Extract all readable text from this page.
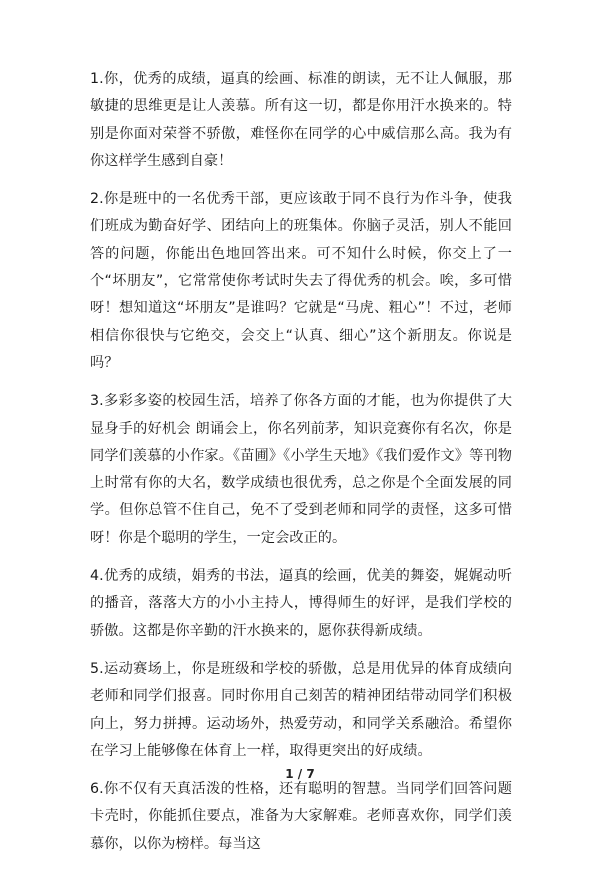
1.你，优秀的成绩，逼真的绘画、标准的朗读，无不让人佩服，那敏捷的思维更是让人羡慕。所有这一切，都是你用汗水换来的。特别是你面对荣誉不骄傲，难怪你在同学的心中威信那么高。我为有你这样学生感到自豪！

2.你是班中的一名优秀干部，更应该敢于同不良行为作斗争，使我们班成为勤奋好学、团结向上的班集体。你脑子灵活，别人不能回答的问题，你能出色地回答出来。可不知什么时候，你交上了一个“坏朋友”，它常常使你考试时失去了得优秀的机会。唉，多可惜呀！想知道这“坏朋友”是谁吗？它就是“马虎、粗心”！不过，老师相信你很快与它绝交，会交上“认真、细心”这个新朋友。你说是吗？

3.多彩多姿的校园生活，培养了你各方面的才能，也为你提供了大显身手的好机会 朗诵会上，你名列前茅，知识竞赛你有名次，你是同学们羡慕的小作家。《苗圃》《小学生天地》《我们爱作文》等刊物上时常有你的大名，数学成绩也很优秀，总之你是个全面发展的同学。但你总管不住自己，免不了受到老师和同学的责怪，这多可惜呀！你是个聪明的学生，一定会改正的。

4.优秀的成绩，娟秀的书法，逼真的绘画，优美的舞姿，娓娓动听的播音，落落大方的小小主持人，博得师生的好评，是我们学校的骄傲。这都是你辛勤的汗水换来的，愿你获得新成绩。

5.运动赛场上，你是班级和学校的骄傲，总是用优异的体育成绩向老师和同学们报喜。同时你用自己刻苦的精神团结带动同学们积极向上，努力拼搏。运动场外，热爱劳动，和同学关系融洽。希望你在学习上能够像在体育上一样，取得更突出的好成绩。

6.你不仅有天真活泼的性格，还有聪明的智慧。当同学们回答问题卡壳时，你能抓住要点，准备为大家解难。老师喜欢你，同学们羡慕你，以你为榜样。每当这

1 / 7
